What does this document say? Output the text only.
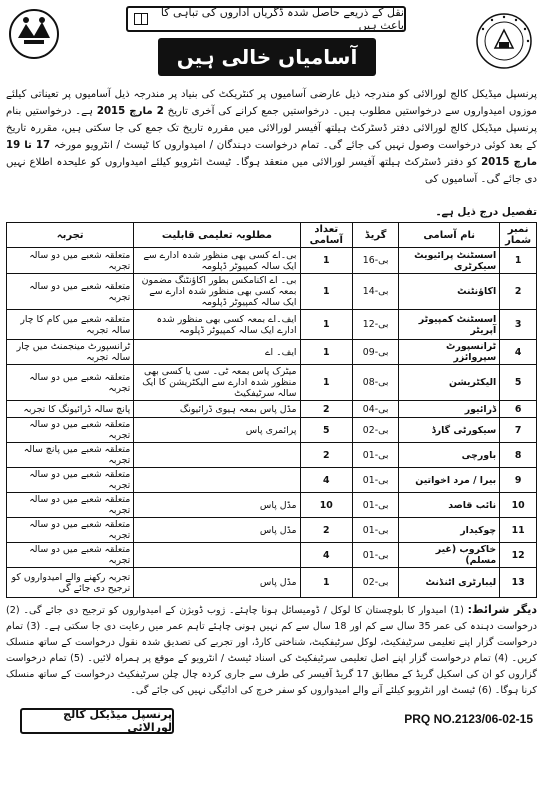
نقل کے ذریعے حاصل شدہ ڈگریاں اداروں کی تباہی کا باعث ہیں
آسامیاں خالی ہیں
پرنسپل میڈیکل کالج لورالائی کو مندرجہ ذیل عارضی آسامیوں پر کنٹریکٹ کی بنیاد پر مندرجہ ذیل آسامیوں پر تعیناتی کیلئے موزوں امیدواروں سے درخواستیں مطلوب ہیں۔ درخواستیں جمع کرانے کی آخری تاریخ 2 مارچ 2015 ہے۔ درخواستیں بنام پرنسپل میڈیکل کالج لورالائی دفتر ڈسٹرکٹ ہیلتھ آفیسر لورالائی میں مقررہ تاریخ تک جمع کی جا سکتی ہیں، مقررہ تاریخ کے بعد کوئی درخواست وصول نہیں کی جائے گی۔ تمام درخواست دہندگان / امیدواروں کا ٹیسٹ / انٹرویو مورخہ 17 تا 19 مارچ 2015 کو دفتر ڈسٹرکٹ ہیلتھ آفیسر لورالائی میں منعقد ہوگا۔ ٹیسٹ انٹرویو کیلئے امیدواروں کو علیحدہ اطلاع نہیں دی جائے گی۔ آسامیوں کی
تفصیل درج ذیل ہے۔
نمبر شمار	نام آسامی	گریڈ	تعداد آسامی	مطلوبہ تعلیمی قابلیت	تجربہ
1	اسسٹنٹ پرائیویٹ سیکرٹری	بی-16	1	بی۔اے کسی بھی منظور شدہ ادارے سے ایک سالہ کمپیوٹر ڈپلومہ	متعلقہ شعبے میں دو سالہ تجربہ
2	اکاؤنٹنٹ	بی-14	1	بی۔ اے اکنامکس بطور اکاؤنٹنگ مضمون بمعہ کسی بھی منظور شدہ ادارے سے ایک سالہ کمپیوٹر ڈپلومہ	متعلقہ شعبے میں دو سالہ تجربہ
3	اسسٹنٹ کمپیوٹر آپریٹر	بی-12	1	ایف۔اے بمعہ کسی بھی منظور شدہ ادارے ایک سالہ کمپیوٹر ڈپلومہ	متعلقہ شعبے میں کام کا چار سالہ تجربہ
4	ٹرانسپورٹ سپروائزر	بی-09	1	ایف۔ اے	ٹرانسپورٹ مینجمنٹ میں چار سالہ تجربہ
5	الیکٹریشن	بی-08	1	میٹرک پاس بمعہ ٹی۔ سی یا کسی بھی منظور شدہ ادارے سے الیکٹریشن کا ایک سالہ سرٹیفکیٹ	متعلقہ شعبے میں دو سالہ تجربہ
6	ڈرائیور	بی-04	2	مڈل پاس بمعہ ہیوی ڈرائیونگ	پانچ سالہ ڈرائیونگ کا تجربہ
7	سیکورٹی گارڈ	بی-02	5	پرائمری پاس	متعلقہ شعبے میں دو سالہ تجربہ
8	باورچی	بی-01	2		متعلقہ شعبے میں پانچ سالہ تجربہ
9	بیرا / مرد اخواتین	بی-01	4		متعلقہ شعبے میں دو سالہ تجربہ
10	نائب قاصد	بی-01	10	مڈل پاس	متعلقہ شعبے میں دو سالہ تجربہ
11	چوکیدار	بی-01	2	مڈل پاس	متعلقہ شعبے میں دو سالہ تجربہ
12	خاکروب (غیر مسلم)	بی-01	4		متعلقہ شعبے میں دو سالہ تجربہ
13	لیبارٹری اٹنڈنٹ	بی-02	1	مڈل پاس	تجربہ رکھنے والے امیدواروں کو ترجیح دی جائے گی
دیگر شرائط: (1) امیدوار کا بلوچستان کا لوکل / ڈومیسائل ہونا چاہئے۔ ژوب ڈویژن کے امیدواروں کو ترجیح دی جائے گی۔ (2) درخواست دہندہ کی عمر 35 سال سے کم اور 18 سال سے کم نہیں ہونی چاہئے تاہم عمر میں رعایت دی جا سکتی ہے۔ (3) تمام درخواست گزار اپنے تعلیمی سرٹیفکیٹ، لوکل سرٹیفکیٹ، شناختی کارڈ، اور تجربے کی تصدیق شدہ نقول درخواست کے ساتھ منسلک کریں۔ (4) تمام درخواست گزار اپنے اصل تعلیمی سرٹیفکیٹ کی اسناد ٹیسٹ / انٹرویو کے موقع پر ہمراہ لائیں۔ (5) تمام درخواست گزاروں کو ان کی اسکیل گریڈ کے مطابق 17 گریڈ آفیسر کی طرف سے جاری کردہ چال چلن سرٹیفکیٹ درخواست کے ساتھ منسلک کرنا ہوگا۔ (6) ٹیسٹ اور انٹرویو کیلئے آنے والے امیدواروں کو سفر خرچ کی ادائیگی نہیں کی جائے گی۔
پرنسپل میڈیکل کالج لورالائی
PRQ NO.2123/06-02-15
